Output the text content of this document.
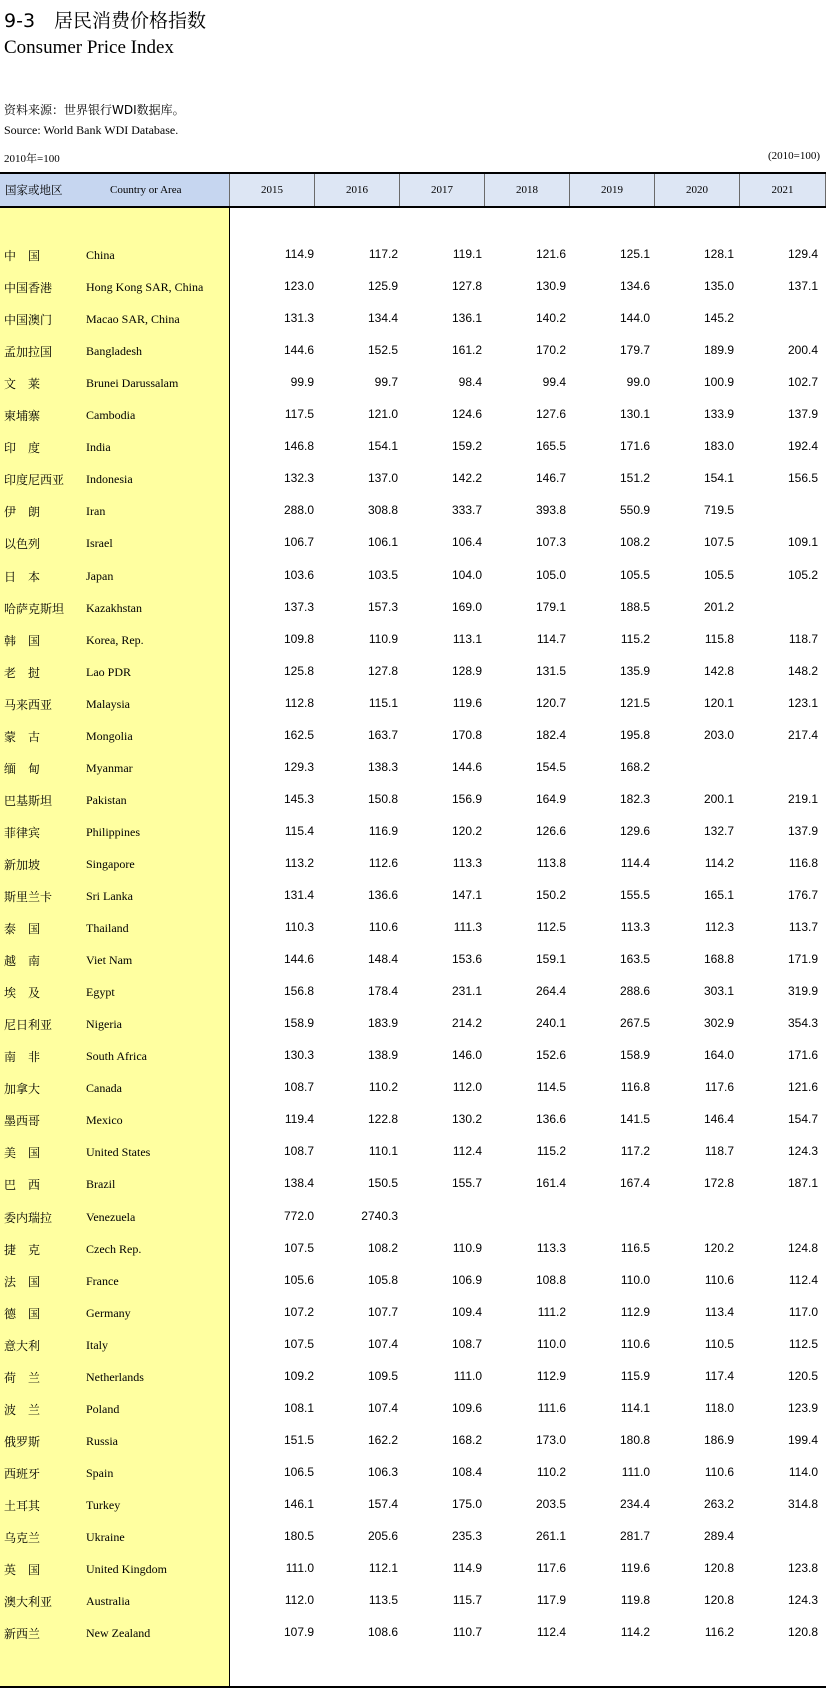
9-3　居民消费价格指数
Consumer Price Index
资料来源：世界银行WDI数据库。
Source: World Bank WDI Database.
2010年=100	(2010=100)
国家或地区	Country or Area	2015	2016	2017	2018	2019	2020	2021
中　国	China	114.9	117.2	119.1	121.6	125.1	128.1	129.4
中国香港	Hong Kong SAR, China	123.0	125.9	127.8	130.9	134.6	135.0	137.1
中国澳门	Macao SAR, China	131.3	134.4	136.1	140.2	144.0	145.2
孟加拉国	Bangladesh	144.6	152.5	161.2	170.2	179.7	189.9	200.4
文　莱	Brunei Darussalam	99.9	99.7	98.4	99.4	99.0	100.9	102.7
柬埔寨	Cambodia	117.5	121.0	124.6	127.6	130.1	133.9	137.9
印　度	India	146.8	154.1	159.2	165.5	171.6	183.0	192.4
印度尼西亚 Indonesia	132.3	137.0	142.2	146.7	151.2	154.1	156.5
伊　朗	Iran	288.0	308.8	333.7	393.8	550.9	719.5
以色列	Israel	106.7	106.1	106.4	107.3	108.2	107.5	109.1
日　本	Japan	103.6	103.5	104.0	105.0	105.5	105.5	105.2
哈萨克斯坦 Kazakhstan	137.3	157.3	169.0	179.1	188.5	201.2
韩　国	Korea, Rep.	109.8	110.9	113.1	114.7	115.2	115.8	118.7
老　挝	Lao PDR	125.8	127.8	128.9	131.5	135.9	142.8	148.2
马来西亚	Malaysia	112.8	115.1	119.6	120.7	121.5	120.1	123.1
蒙　古	Mongolia	162.5	163.7	170.8	182.4	195.8	203.0	217.4
缅　甸	Myanmar	129.3	138.3	144.6	154.5	168.2
巴基斯坦	Pakistan	145.3	150.8	156.9	164.9	182.3	200.1	219.1
菲律宾	Philippines	115.4	116.9	120.2	126.6	129.6	132.7	137.9
新加坡	Singapore	113.2	112.6	113.3	113.8	114.4	114.2	116.8
斯里兰卡	Sri Lanka	131.4	136.6	147.1	150.2	155.5	165.1	176.7
泰　国	Thailand	110.3	110.6	111.3	112.5	113.3	112.3	113.7
越　南	Viet Nam	144.6	148.4	153.6	159.1	163.5	168.8	171.9
埃　及	Egypt	156.8	178.4	231.1	264.4	288.6	303.1	319.9
尼日利亚	Nigeria	158.9	183.9	214.2	240.1	267.5	302.9	354.3
南　非	South Africa	130.3	138.9	146.0	152.6	158.9	164.0	171.6
加拿大	Canada	108.7	110.2	112.0	114.5	116.8	117.6	121.6
墨西哥	Mexico	119.4	122.8	130.2	136.6	141.5	146.4	154.7
美　国	United States	108.7	110.1	112.4	115.2	117.2	118.7	124.3
巴　西	Brazil	138.4	150.5	155.7	161.4	167.4	172.8	187.1
委内瑞拉	Venezuela	772.0	2740.3
捷　克	Czech Rep.	107.5	108.2	110.9	113.3	116.5	120.2	124.8
法　国	France	105.6	105.8	106.9	108.8	110.0	110.6	112.4
德　国	Germany	107.2	107.7	109.4	111.2	112.9	113.4	117.0
意大利	Italy	107.5	107.4	108.7	110.0	110.6	110.5	112.5
荷　兰	Netherlands	109.2	109.5	111.0	112.9	115.9	117.4	120.5
波　兰	Poland	108.1	107.4	109.6	111.6	114.1	118.0	123.9
俄罗斯	Russia	151.5	162.2	168.2	173.0	180.8	186.9	199.4
西班牙	Spain	106.5	106.3	108.4	110.2	111.0	110.6	114.0
土耳其	Turkey	146.1	157.4	175.0	203.5	234.4	263.2	314.8
乌克兰	Ukraine	180.5	205.6	235.3	261.1	281.7	289.4
英　国	United Kingdom	111.0	112.1	114.9	117.6	119.6	120.8	123.8
澳大利亚	Australia	112.0	113.5	115.7	117.9	119.8	120.8	124.3
新西兰	New Zealand	107.9	108.6	110.7	112.4	114.2	116.2	120.8
